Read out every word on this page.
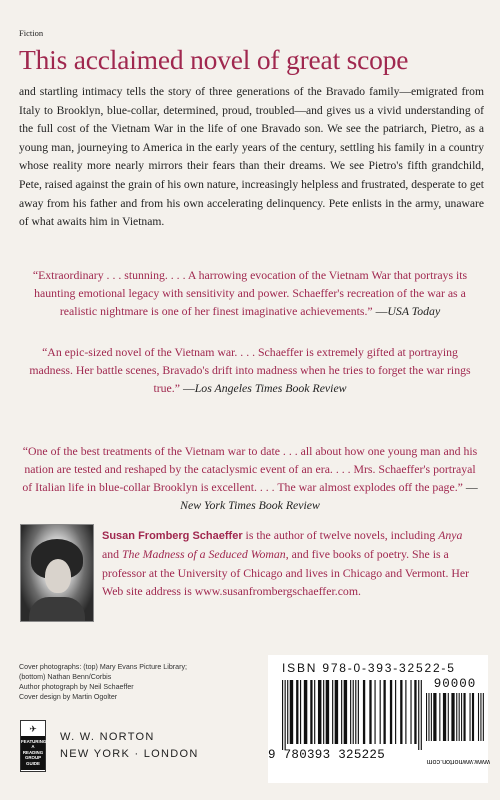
Fiction
This acclaimed novel of great scope
and startling intimacy tells the story of three generations of the Bravado family—emigrated from Italy to Brooklyn, blue-collar, determined, proud, troubled—and gives us a vivid understanding of the full cost of the Vietnam War in the life of one Bravado son. We see the patriarch, Pietro, as a young man, journeying to America in the early years of the century, settling his family in a country whose reality more nearly mirrors their fears than their dreams. We see Pietro's fifth grandchild, Pete, raised against the grain of his own nature, increasingly helpless and frustrated, desperate to get away from his father and from his own accelerating delinquency. Pete enlists in the army, unaware of what awaits him in Vietnam.
“Extraordinary . . . stunning. . . . A harrowing evocation of the Vietnam War that portrays its haunting emotional legacy with sensitivity and power. Schaeffer's recreation of the war as a realistic nightmare is one of her finest imaginative achievements.” —USA Today
“An epic-sized novel of the Vietnam war. . . . Schaeffer is extremely gifted at portraying madness. Her battle scenes, Bravado's drift into madness when he tries to forget the war rings true.” —Los Angeles Times Book Review
“One of the best treatments of the Vietnam war to date . . . all about how one young man and his nation are tested and reshaped by the cataclysmic event of an era. . . . Mrs. Schaeffer's portrayal of Italian life in blue-collar Brooklyn is excellent. . . . The war almost explodes off the page.” —New York Times Book Review
Susan Fromberg Schaeffer is the author of twelve novels, including Anya and The Madness of a Seduced Woman, and five books of poetry. She is a professor at the University of Chicago and lives in Chicago and Vermont. Her Web site address is www.susanfrombergschaeffer.com.
Cover photographs: (top) Mary Evans Picture Library;
(bottom) Nathan Benn/Corbis
Author photograph by Neil Schaeffer
Cover design by Martin Ogolter
✈
FEATURING A
READING
GROUP
GUIDE
W. W. NORTON
NEW YORK · LONDON
ISBN 978-0-393-32522-5
90000
9 780393 325225
www.wwnorton.com
